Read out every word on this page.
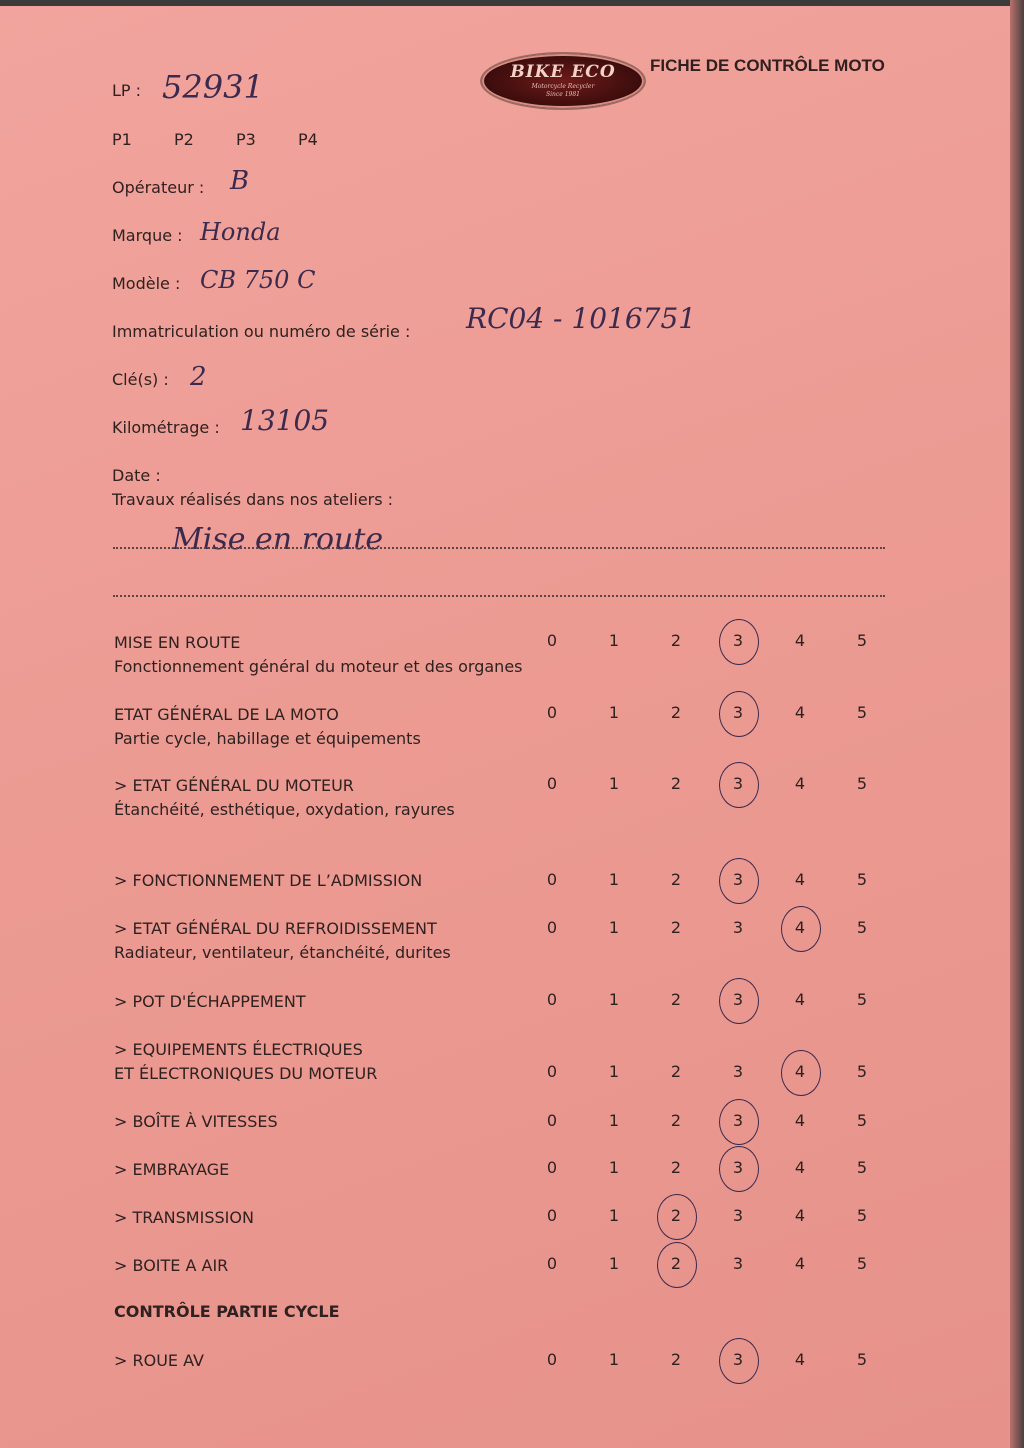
BIKE ECO
Motorcycle Recycler
Since 1981
FICHE DE CONTRÔLE MOTO
LP : 52931
P1	P2	P3	P4
Opérateur : B
Marque : Honda
Modèle : CB 750 C
Immatriculation ou numéro de série : RC04 - 1016751
Clé(s) : 2
Kilométrage : 13105
Date :
Travaux réalisés dans nos ateliers :
Mise en route
MISE EN ROUTE
Fonctionnement général du moteur et des organes
0	1	2	3	4	5
ETAT GÉNÉRAL DE LA MOTO
Partie cycle, habillage et équipements
0	1	2	3	4	5
> ETAT GÉNÉRAL DU MOTEUR
Étanchéité, esthétique, oxydation, rayures
0	1	2	3	4	5
> FONCTIONNEMENT DE L’ADMISSION	0	1	2	3	4	5
> ETAT GÉNÉRAL DU REFROIDISSEMENT
Radiateur, ventilateur, étanchéité, durites
0	1	2	3	4	5
> POT D'ÉCHAPPEMENT	0	1	2	3	4	5
> EQUIPEMENTS ÉLECTRIQUES
ET ÉLECTRONIQUES DU MOTEUR	0	1	2	3	4	5
> BOÎTE À VITESSES	0	1	2	3	4	5
> EMBRAYAGE	0	1	2	3	4	5
> TRANSMISSION	0	1	2	3	4	5
> BOITE A AIR	0	1	2	3	4	5
CONTRÔLE PARTIE CYCLE
> ROUE AV	0	1	2	3	4	5
